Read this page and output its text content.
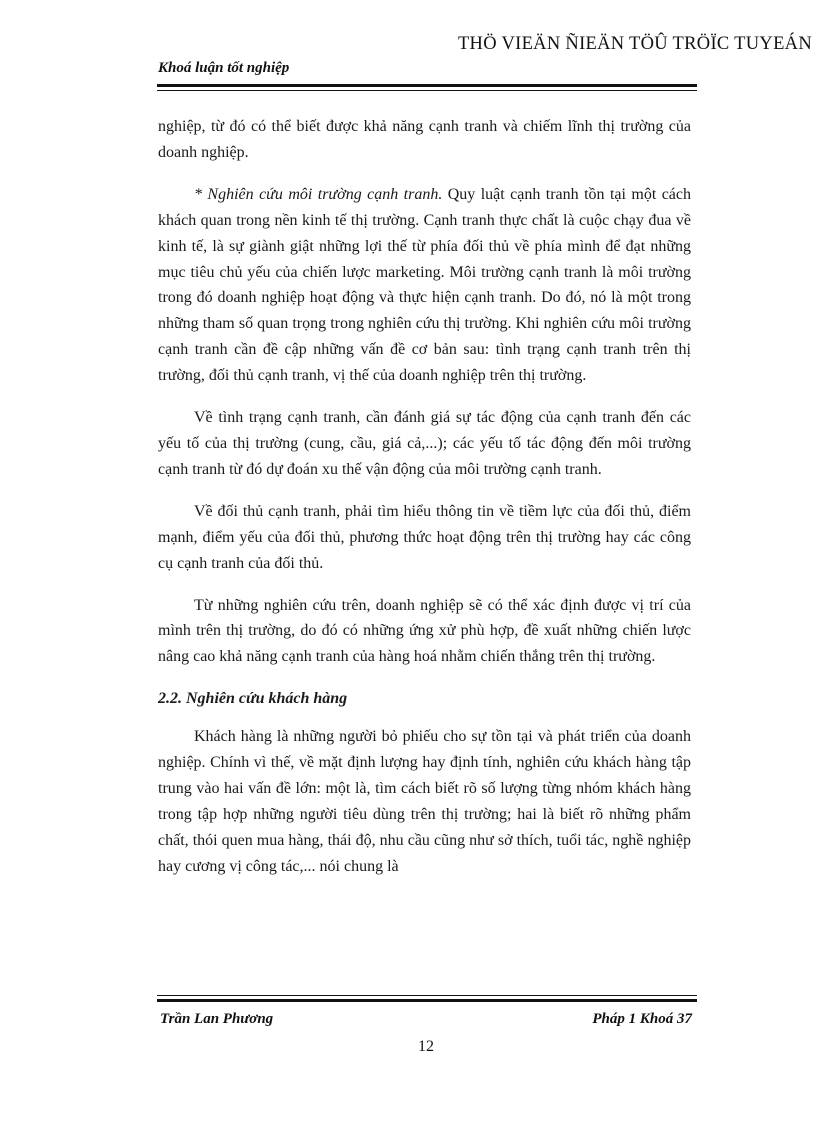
THÖ VIEÄN ÑIEÄN TÖÛ TRÖÏC TUYEÁN
Khoá luận tốt nghiệp

nghiệp, từ đó có thể biết được khả năng cạnh tranh và chiếm lĩnh thị trường của doanh nghiệp.

* Nghiên cứu môi trường cạnh tranh. Quy luật cạnh tranh tồn tại một cách khách quan trong nền kinh tế thị trường. Cạnh tranh thực chất là cuộc chạy đua về kinh tế, là sự giành giật những lợi thế từ phía đối thủ về phía mình để đạt những mục tiêu chủ yếu của chiến lược marketing. Môi trường cạnh tranh là môi trường trong đó doanh nghiệp hoạt động và thực hiện cạnh tranh. Do đó, nó là một trong những tham số quan trọng trong nghiên cứu thị trường. Khi nghiên cứu môi trường cạnh tranh cần đề cập những vấn đề cơ bản sau: tình trạng cạnh tranh trên thị trường, đối thủ cạnh tranh, vị thế của doanh nghiệp trên thị trường.

Về tình trạng cạnh tranh, cần đánh giá sự tác động của cạnh tranh đến các yếu tố của thị trường (cung, cầu, giá cả,...); các yếu tố tác động đến môi trường cạnh tranh từ đó dự đoán xu thế vận động của môi trường cạnh tranh.

Về đối thủ cạnh tranh, phải tìm hiểu thông tin về tiềm lực của đối thủ, điểm mạnh, điểm yếu của đối thủ, phương thức hoạt động trên thị trường hay các công cụ cạnh tranh của đối thủ.

Từ những nghiên cứu trên, doanh nghiệp sẽ có thể xác định được vị trí của mình trên thị trường, do đó có những ứng xử phù hợp, đề xuất những chiến lược nâng cao khả năng cạnh tranh của hàng hoá nhằm chiến thắng trên thị trường.

2.2. Nghiên cứu khách hàng

Khách hàng là những người bỏ phiếu cho sự tồn tại và phát triển của doanh nghiệp. Chính vì thế, về mặt định lượng hay định tính, nghiên cứu khách hàng tập trung vào hai vấn đề lớn: một là, tìm cách biết rõ số lượng từng nhóm khách hàng trong tập hợp những người tiêu dùng trên thị trường; hai là biết rõ những phẩm chất, thói quen mua hàng, thái độ, nhu cầu cũng như sở thích, tuổi tác, nghề nghiệp hay cương vị công tác,... nói chung là

Trần Lan Phương	Pháp 1 Khoá 37
12
